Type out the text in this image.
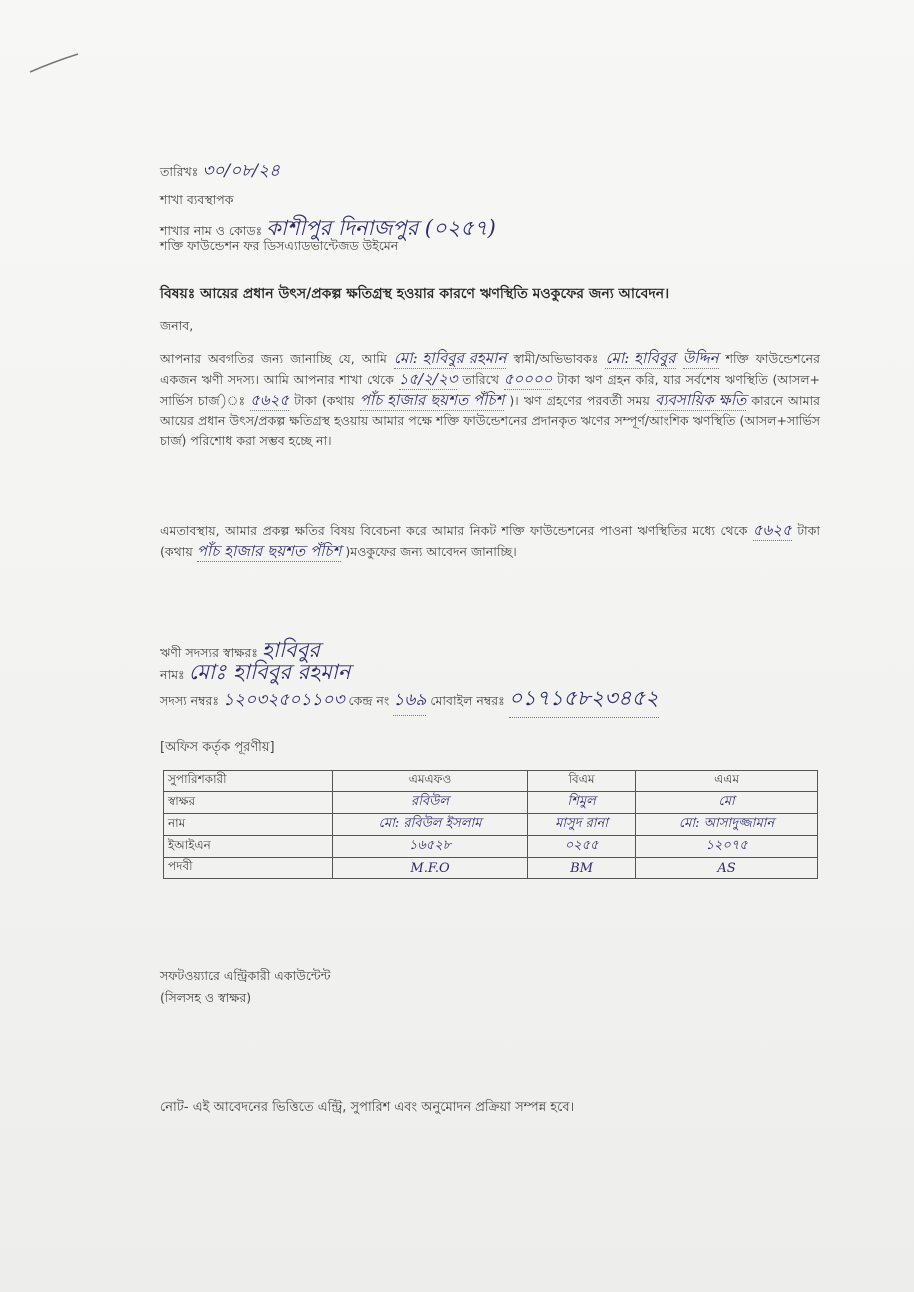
তারিখঃ ৩০/০৮/২৪
শাখা ব্যবস্থাপক
শাখার নাম ও কোডঃ কাশীপুর দিনাজপুর (০২৫৭)
শক্তি ফাউন্ডেশন ফর ডিসএ্যাডভান্টেজড উইমেন
বিষয়ঃ আয়ের প্রধান উৎস/প্রকল্প ক্ষতিগ্রস্থ হওয়ার কারণে ঋণস্থিতি মওকুফের জন্য আবেদন।
জনাব,
আপনার অবগতির জন্য জানাচ্ছি যে, আমি মো: হাবিবুর রহমান স্বামী/অভিভাবকঃ মো: হাবিবুর উদ্দিন শক্তি ফাউন্ডেশনের একজন ঋণী সদস্য। আমি আপনার শাখা থেকে ১৫/২/২৩ তারিখে ৫০০০০ টাকা ঋণ গ্রহন করি, যার সর্বশেষ ঋণস্থিতি (আসল+ সার্ভিস চার্জ)ঃ ৫৬২৫ টাকা (কথায় পাঁচ হাজার ছয়শত পঁচিশ )। ঋণ গ্রহণের পরবর্তী সময় ব্যবসায়িক ক্ষতি কারনে আমার আয়ের প্রধান উৎস/প্রকল্প ক্ষতিগ্রস্থ হওয়ায় আমার পক্ষে শক্তি ফাউন্ডেশনের প্রদানকৃত ঋণের সম্পূর্ণ/আংশিক ঋণস্থিতি (আসল+সার্ভিস চার্জ) পরিশোধ করা সম্ভব হচ্ছে না।
এমতাবস্থায়, আমার প্রকল্প ক্ষতির বিষয় বিবেচনা করে আমার নিকট শক্তি ফাউন্ডেশনের পাওনা ঋণস্থিতির মধ্যে থেকে ৫৬২৫ টাকা (কথায় পাঁচ হাজার ছয়শত পঁচিশ )মওকুফের জন্য আবেদন জানাচ্ছি।
ঋণী সদস্যর স্বাক্ষরঃ হাবিবুর
নামঃ মোঃ হাবিবুর রহমান
সদস্য নম্বরঃ ১২০৩২৫০১১০৩ কেন্দ্র নং ১৬৯ মোবাইল নম্বরঃ ০১৭১৫৮২৩৪৫২
[অফিস কর্তৃক পূরণীয়]
সুপারিশকারী	এমএফও	বিএম	এএম
স্বাক্ষর	রবিউল	শিমুল	মো
নাম	মো: রবিউল ইসলাম	মাসুদ রানা	মো: আসাদুজ্জামান
ইআইএন	১৬৫২৮	০২৫৫	১২০৭৫
পদবী	M.F.O	BM	AS
সফটওয়্যারে এন্ট্রিকারী একাউন্টেন্ট
(সিলসহ ও স্বাক্ষর)
নোট- এই আবেদনের ভিত্তিতে এন্ট্রি, সুপারিশ এবং অনুমোদন প্রক্রিয়া সম্পন্ন হবে।
